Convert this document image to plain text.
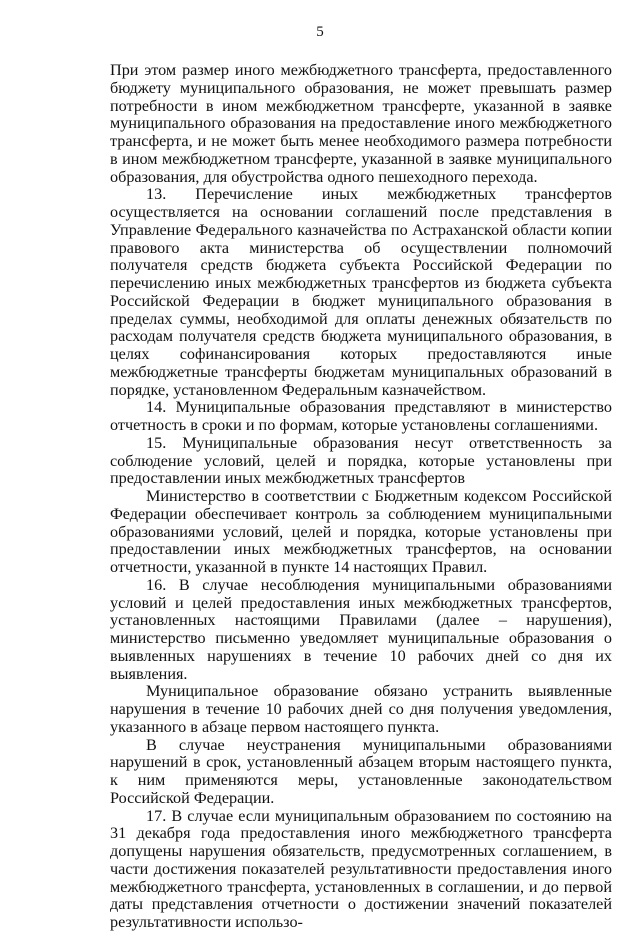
5

При этом размер иного межбюджетного трансферта, предоставленного бюджету муниципального образования, не может превышать размер потребности в ином межбюджетном трансферте, указанной в заявке муниципального образования на предоставление иного межбюджетного трансферта, и не может быть менее необходимого размера потребности в ином межбюджетном трансферте, указанной в заявке муниципального образования, для обустройства одного пешеходного перехода.

13. Перечисление иных межбюджетных трансфертов осуществляется на основании соглашений после представления в Управление Федерального казначейства по Астраханской области копии правового акта министерства об осуществлении полномочий получателя средств бюджета субъекта Российской Федерации по перечислению иных межбюджетных трансфертов из бюджета субъекта Российской Федерации в бюджет муниципального образования в пределах суммы, необходимой для оплаты денежных обязательств по расходам получателя средств бюджета муниципального образования, в целях софинансирования которых предоставляются иные межбюджетные трансферты бюджетам муниципальных образований в порядке, установленном Федеральным казначейством.

14. Муниципальные образования представляют в министерство отчетность в сроки и по формам, которые установлены соглашениями.

15. Муниципальные образования несут ответственность за соблюдение условий, целей и порядка, которые установлены при предоставлении иных межбюджетных трансфертов

Министерство в соответствии с Бюджетным кодексом Российской Федерации обеспечивает контроль за соблюдением муниципальными образованиями условий, целей и порядка, которые установлены при предоставлении иных межбюджетных трансфертов, на основании отчетности, указанной в пункте 14 настоящих Правил.

16. В случае несоблюдения муниципальными образованиями условий и целей предоставления иных межбюджетных трансфертов, установленных настоящими Правилами (далее – нарушения), министерство письменно уведомляет муниципальные образования о выявленных нарушениях в течение 10 рабочих дней со дня их выявления.

Муниципальное образование обязано устранить выявленные нарушения в течение 10 рабочих дней со дня получения уведомления, указанного в абзаце первом настоящего пункта.

В случае неустранения муниципальными образованиями нарушений в срок, установленный абзацем вторым настоящего пункта, к ним применяются меры, установленные законодательством Российской Федерации.

17. В случае если муниципальным образованием по состоянию на 31 декабря года предоставления иного межбюджетного трансферта допущены нарушения обязательств, предусмотренных соглашением, в части достижения показателей результативности предоставления иного межбюджетного трансферта, установленных в соглашении, и до первой даты представления отчетности о достижении значений показателей результативности использо-
